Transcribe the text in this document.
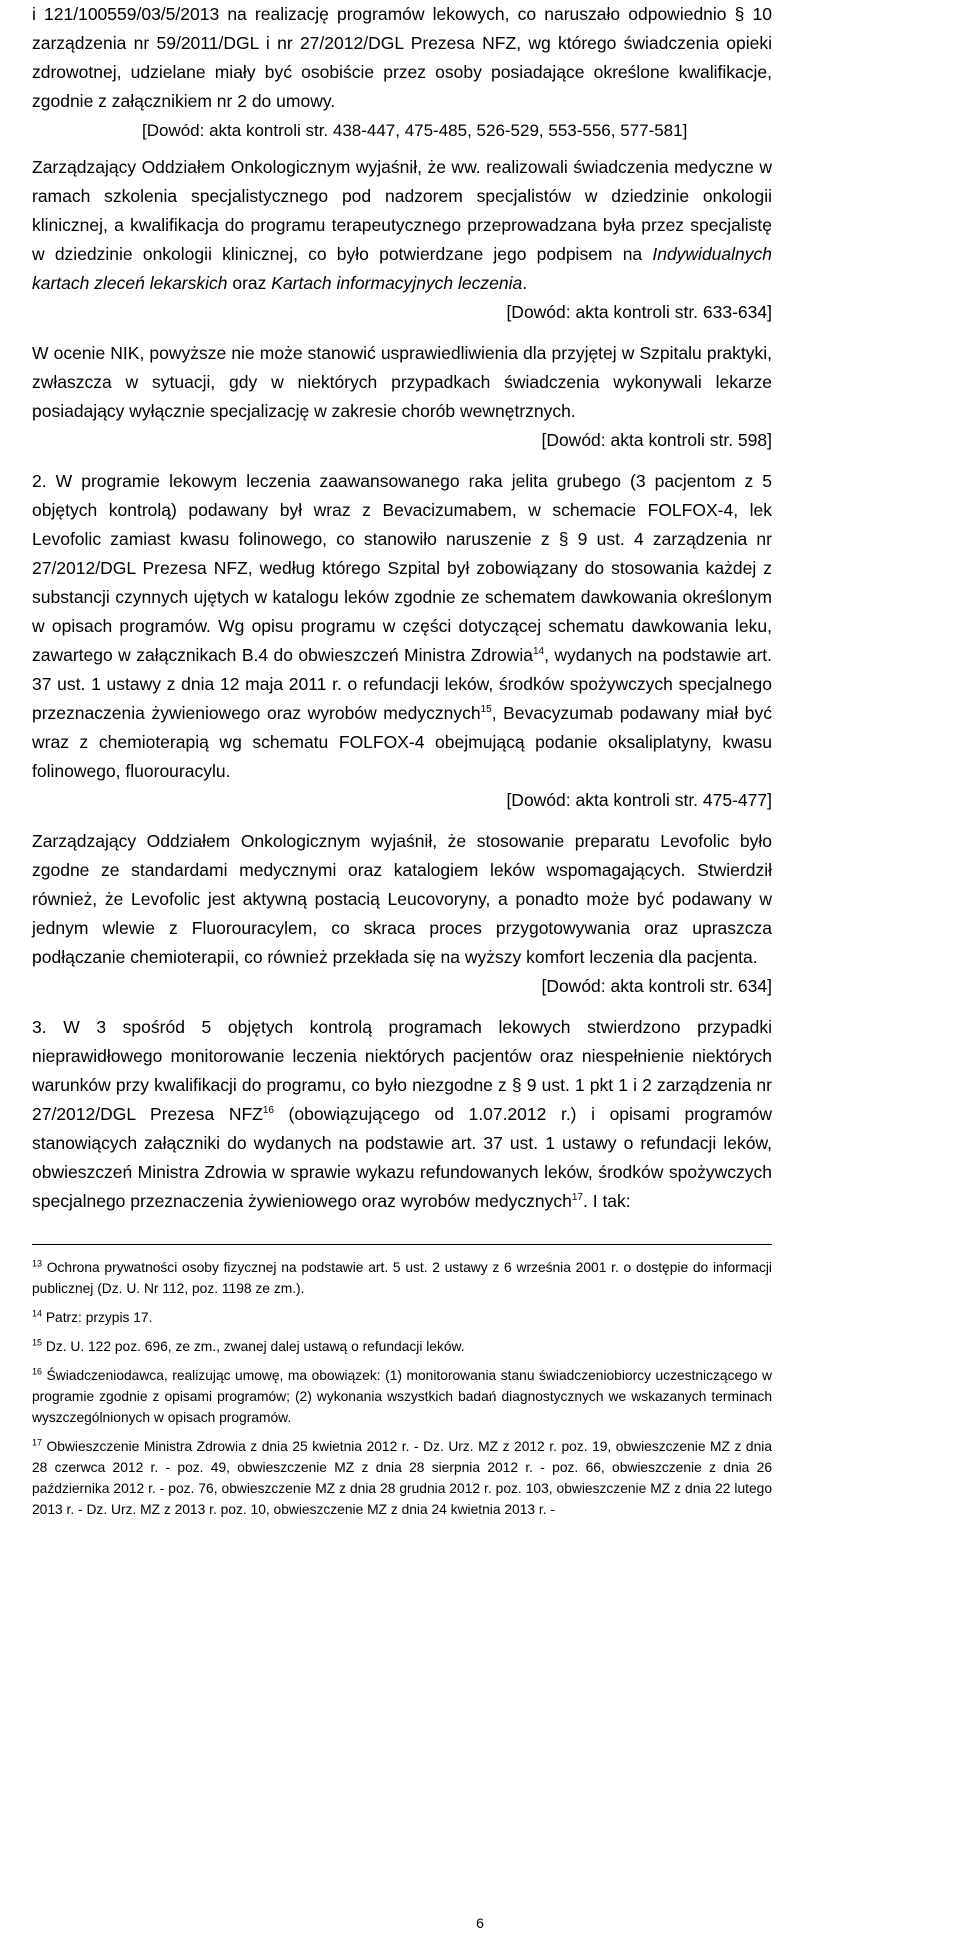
i 121/100559/03/5/2013 na realizację programów lekowych, co naruszało odpowiednio § 10 zarządzenia nr 59/2011/DGL i nr 27/2012/DGL Prezesa NFZ, wg którego świadczenia opieki zdrowotnej, udzielane miały być osobiście przez osoby posiadające określone kwalifikacje, zgodnie z załącznikiem nr 2 do umowy.

[Dowód: akta kontroli str. 438-447, 475-485, 526-529, 553-556, 577-581]

Zarządzający Oddziałem Onkologicznym wyjaśnił, że ww. realizowali świadczenia medyczne w ramach szkolenia specjalistycznego pod nadzorem specjalistów w dziedzinie onkologii klinicznej, a kwalifikacja do programu terapeutycznego przeprowadzana była przez specjalistę w dziedzinie onkologii klinicznej, co było potwierdzane jego podpisem na Indywidualnych kartach zleceń lekarskich oraz Kartach informacyjnych leczenia.

[Dowód: akta kontroli str. 633-634]

W ocenie NIK, powyższe nie może stanowić usprawiedliwienia dla przyjętej w Szpitalu praktyki, zwłaszcza w sytuacji, gdy w niektórych przypadkach świadczenia wykonywali lekarze posiadający wyłącznie specjalizację w zakresie chorób wewnętrznych.

[Dowód: akta kontroli str. 598]

2. W programie lekowym leczenia zaawansowanego raka jelita grubego (3 pacjentom z 5 objętych kontrolą) podawany był wraz z Bevacizumabem, w schemacie FOLFOX-4, lek Levofolic zamiast kwasu folinowego, co stanowiło naruszenie z § 9 ust. 4 zarządzenia nr 27/2012/DGL Prezesa NFZ, według którego Szpital był zobowiązany do stosowania każdej z substancji czynnych ujętych w katalogu leków zgodnie ze schematem dawkowania określonym w opisach programów. Wg opisu programu w części dotyczącej schematu dawkowania leku, zawartego w załącznikach B.4 do obwieszczeń Ministra Zdrowia$^{14}$, wydanych na podstawie art. 37 ust. 1 ustawy z dnia 12 maja 2011 r. o refundacji leków, środków spożywczych specjalnego przeznaczenia żywieniowego oraz wyrobów medycznych$^{15}$, Bevacyzumab podawany miał być wraz z chemioterapią wg schematu FOLFOX-4 obejmującą podanie oksaliplatyny, kwasu folinowego, fluorouracylu.

[Dowód: akta kontroli str. 475-477]

Zarządzający Oddziałem Onkologicznym wyjaśnił, że stosowanie preparatu Levofolic było zgodne ze standardami medycznymi oraz katalogiem leków wspomagających. Stwierdził również, że Levofolic jest aktywną postacią Leucovoryny, a ponadto może być podawany w jednym wlewie z Fluorouracylem, co skraca proces przygotowywania oraz upraszcza podłączanie chemioterapii, co również przekłada się na wyższy komfort leczenia dla pacjenta.

[Dowód: akta kontroli str. 634]

3. W 3 spośród 5 objętych kontrolą programach lekowych stwierdzono przypadki nieprawidłowego monitorowanie leczenia niektórych pacjentów oraz niespełnienie niektórych warunków przy kwalifikacji do programu, co było niezgodne z § 9 ust. 1 pkt 1 i 2 zarządzenia nr 27/2012/DGL Prezesa NFZ$^{16}$ (obowiązującego od 1.07.2012 r.) i opisami programów stanowiących załączniki do wydanych na podstawie art. 37 ust. 1 ustawy o refundacji leków, obwieszczeń Ministra Zdrowia w sprawie wykazu refundowanych leków, środków spożywczych specjalnego przeznaczenia żywieniowego oraz wyrobów medycznych$^{17}$. I tak:

$^{13}$ Ochrona prywatności osoby fizycznej na podstawie art. 5 ust. 2 ustawy z 6 września 2001 r. o dostępie do informacji publicznej (Dz. U. Nr 112, poz. 1198 ze zm.).

$^{14}$ Patrz: przypis 17.

$^{15}$ Dz. U. 122 poz. 696, ze zm., zwanej dalej ustawą o refundacji leków.

$^{16}$ Świadczeniodawca, realizując umowę, ma obowiązek: (1) monitorowania stanu świadczeniobiorcy uczestniczącego w programie zgodnie z opisami programów; (2) wykonania wszystkich badań diagnostycznych we wskazanych terminach wyszczególnionych w opisach programów.

$^{17}$ Obwieszczenie Ministra Zdrowia z dnia 25 kwietnia 2012 r. - Dz. Urz. MZ z 2012 r. poz. 19, obwieszczenie MZ z dnia 28 czerwca 2012 r. - poz. 49, obwieszczenie MZ z dnia 28 sierpnia 2012 r. - poz. 66, obwieszczenie z dnia 26 października 2012 r. - poz. 76, obwieszczenie MZ z dnia 28 grudnia 2012 r. poz. 103, obwieszczenie MZ z dnia 22 lutego 2013 r. - Dz. Urz. MZ z 2013 r. poz. 10, obwieszczenie MZ z dnia 24 kwietnia 2013 r. -

6
